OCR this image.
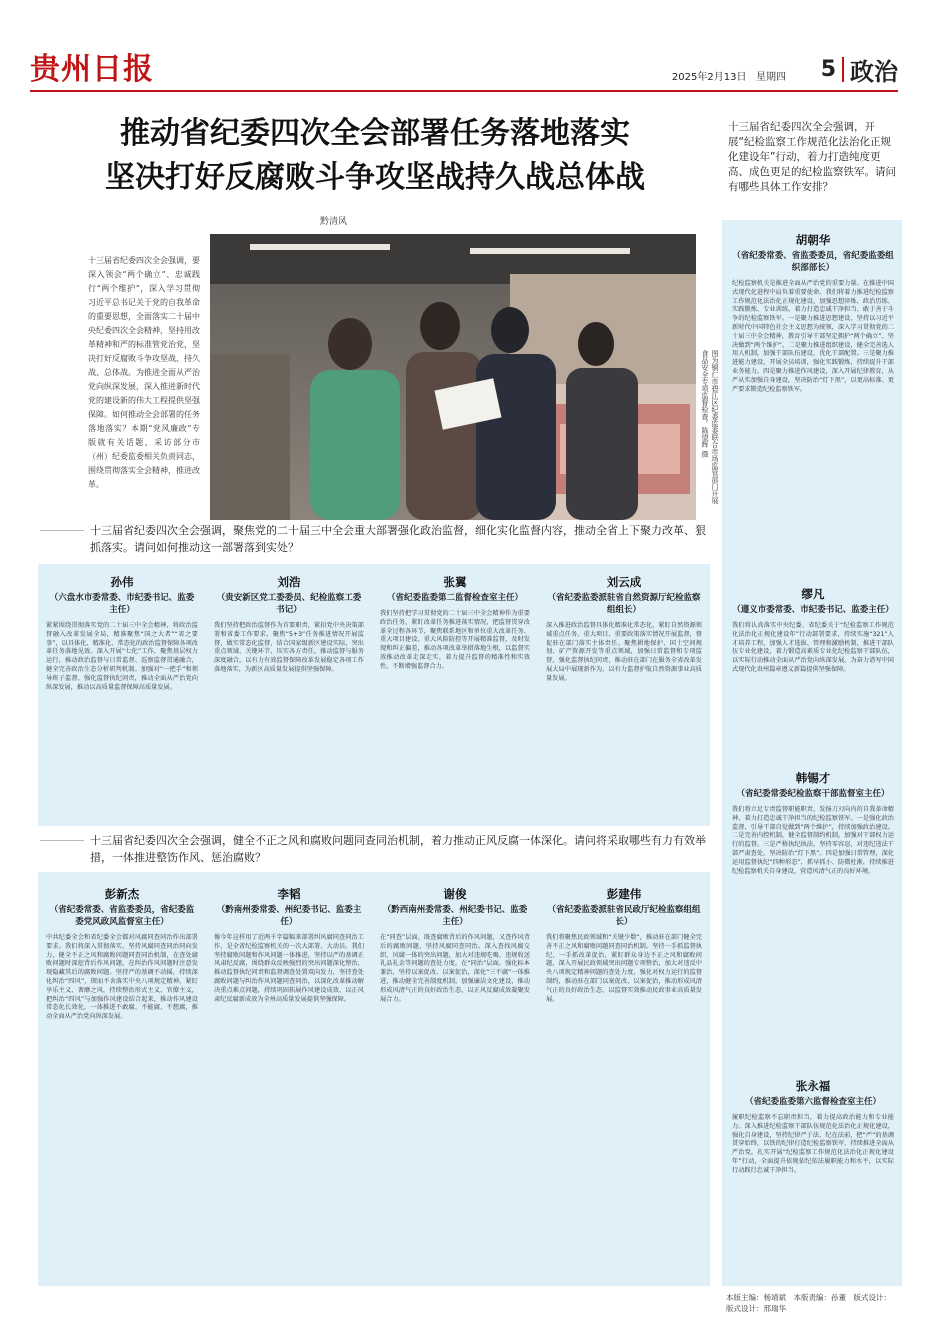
贵州日报	2025年2月13日 星期四 5 政治
推动省纪委四次全会部署任务落地落实
坚决打好反腐败斗争攻坚战持久战总体战
黔清风
十三届省纪委四次全会强调，开展“纪检监察工作规范化法治化正规化建设年”行动，着力打造纯度更高、成色更足的纪检监察铁军。请问有哪些具体工作安排？
十三届省纪委四次全会强调，要深入领会“两个确立”、忠诚践行“两个维护”，深入学习贯彻习近平总书记关于党的自我革命的重要思想，全面落实二十届中央纪委四次全会精神，坚持用改革精神和严的标准管党治党，坚决打好反腐败斗争攻坚战、持久战、总体战。为推进全面从严治党向纵深发展，深入推进新时代党的建设新的伟大工程提供坚强保障。如何推动全会部署的任务落地落实？本期“党风廉政”专版就有关话题，采访部分市（州）纪委监委相关负责同志，围绕贯彻落实全会精神，推进改革。	图为铜仁市碧江区纪委监委联合市场监管部门开展食品安全专项监督检查。陈望辉 摄
十三届省纪委四次全会强调，聚焦党的二十届三中全会重大部署强化政治监督，细化实化监督内容，推动全省上下聚力改革、狠抓落实。请问如何推动这一部署落到实处？
孙伟
（六盘水市委常委、市纪委书记、监委主任）
紧紧围绕贯彻落实党的二十届三中全会精神，将政治监督融入改革发展全局，精准聚焦“国之大者”“省之要事”，以具体化、精准化、常态化的政治监督保障各项改革任务落地见效。深入开展“七化”工作，聚焦基层权力运行，推动政治监督与日常监督、巡察监督贯通融合，健全完善政治生态分析研判机制。加强对“一把手”和领导班子监督，强化监督执纪问责，推动全面从严治党向纵深发展，推动以高质量监督保障高质量发展。
刘浩
（贵安新区党工委委员、纪检监察工委书记）
我们坚持把政治监督作为首要职责，紧扣党中央决策部署和省委工作要求，聚焦“5+3”任务推进情况开展监督，做实常态化监督，结合国家级新区建设实际，突出重点领域、关键环节，压实各方责任，推动监督与服务深度融合，以有力有效监督保障改革发展稳定各项工作落地落实，为新区高质量发展提供坚强保障。
张翼
（省纪委监委第二监督检查室主任）
我们坚持把学习贯彻党的二十届三中全会精神作为重要政治任务，紧盯改革任务推进落实情况，把监督贯穿改革全过程各环节，聚焦联系地区和单位重大改革任务、重大项目建设、重大风险防控等开展精准监督，及时发现和纠正偏差，推动各项改革举措落地生根，以监督实效推动改革走深走实，着力提升监督的精准性和实效性，不断增强监督合力。
刘云成
（省纪委监委派驻省自然资源厅纪检监察组组长）
深入推进政治监督具体化精准化常态化，紧盯自然资源领域重点任务、重大项目、重要政策落实情况开展监督，督促驻在部门落实主体责任。聚焦耕地保护、国土空间规划、矿产资源开发等重点领域，加强日常监督和专项监督，强化监督执纪问责，推动驻在部门在服务全省改革发展大局中展现新作为，以有力监督护航自然资源事业高质量发展。
十三届省纪委四次全会强调，健全不正之风和腐败问题同查同治机制，着力推动正风反腐一体深化。请问将采取哪些有力有效举措，一体推进整饬作风、惩治腐败？
彭新杰
（省纪委常委、省监委委员，省纪委监委党风政风监督室主任）
中共纪委全会和省纪委全会都对风腐同查同治作出部署要求。我们将深入贯彻落实，坚持风腐同查同治同向发力，健全不正之风和腐败问题同查同治机制，在查处腐败问题时深挖背后作风问题，在纠治作风问题时注意发现隐藏其后的腐败问题。坚持严的基调不动摇，持续深化纠治“四风”，锲而不舍落实中央八项规定精神，紧盯享乐主义、奢靡之风，持续整治形式主义、官僚主义，把纠治“四风”与加强作风建设结合起来，推动作风建设常态化长效化，一体推进不敢腐、不能腐、不想腐，推动全面从严治党向纵深发展。
李韬
（黔南州委常委、州纪委书记、监委主任）
像今年这样用了近两千字篇幅来部署纠风腐同查同治工作，是全省纪检监察机关的一次大部署、大动员。我们坚持腐败问题和作风问题一体推进，坚持以严的基调正风肃纪反腐，围绕群众反映强烈的突出问题深化整治，推动监督执纪问责和监督调查处置双向发力，坚持查处腐败问题与纠治作风问题同查同治，以深化改革推动解决重点难点问题，持续巩固拓展作风建设成效，以正风肃纪反腐新成效为全州高质量发展提供坚强保障。
谢俊
（黔西南州委常委、州纪委书记、监委主任）
在“同查”层面，既查腐败背后的作风问题，又查作风背后的腐败问题，坚持风腐同查同治。深入查找风腐交织、风腐一体的突出问题，加大对违规吃喝、违规收送礼品礼金等问题的查处力度。在“同治”层面，强化标本兼治，坚持以案促改、以案促治，深化“三不腐”一体推进，推动健全完善制度机制，加强廉洁文化建设，推动形成风清气正的良好政治生态，以正风反腐成效凝聚发展合力。
彭建伟
（省纪委监委派驻省民政厅纪检监察组组长）
我们将聚焦民政领域和“关键少数”，推动驻在部门健全完善不正之风和腐败问题同查同治机制。坚持一手抓监督执纪、一手抓改革促治，紧盯群众身边不正之风和腐败问题，深入开展民政领域突出问题专项整治，加大对违反中央八项规定精神问题的查处力度，强化对权力运行的监督制约，推动驻在部门以案促改、以案促治，推动形成风清气正的良好政治生态，以监督实效推动民政事业高质量发展。
胡朝华
（省纪委常委、省监委委员，省纪委监委组织部部长）
纪检监察机关是推进全面从严治党的重要力量。在推进中国式现代化进程中肩负着重要使命。我们将着力推进纪检监察工作规范化法治化正规化建设，加强思想淬炼、政治历练、实践锻炼、专业训练，着力打造忠诚干净担当、敢于善于斗争的纪检监察铁军。一是聚力推进思想建设，坚持以习近平新时代中国特色社会主义思想为统领，深入学习贯彻党的二十届三中全会精神，教育引导干部坚定拥护“两个确立”、坚决做到“两个维护”。二是聚力推进组织建设，健全完善选人用人机制，加强干部队伍建设，优化干部配置。三是聚力推进能力建设，开展全员培训，强化实践锻炼，持续提升干部业务能力。四是聚力推进作风建设，深入开展纪律教育，从严从实加强自身建设，坚决防治“灯下黑”，以更高标准、更严要求锻造纪检监察铁军。
缪凡
（遵义市委常委、市纪委书记、监委主任）
我们将认真落实中央纪委、省纪委关于“纪检监察工作规范化法治化正规化建设年”行动部署要求，持续实施“321”人才培养工程，加强人才选拔、管理和激励机制，推进干部队伍专业化建设，着力锻造高素质专业化纪检监察干部队伍，以实际行动推动全面从严治党向纵深发展，为奋力谱写中国式现代化贵州篇章遵义新篇提供坚强保障。
韩锡才
（省纪委常委纪检监察干部监督室主任）
我们将立足专责监督职能职责，发扬刀刃向内的自我革命精神，着力打造忠诚干净担当的纪检监察铁军。一是强化政治监督，引导干部自觉做到“两个维护”，持续加强政治建设。二是完善内控机制，健全监督制约机制，加强对干部权力运行的监督。三是严格执纪执法，坚持零容忍，对违纪违法干部严肃查处，坚决防治“灯下黑”。四是加强日常管理，深化运用监督执纪“四种形态”，抓早抓小、防微杜渐，持续推进纪检监察机关自身建设，营造风清气正的良好环境。
张永福
（省纪委监委第六监督检查室主任）
履职纪检监察不忘职责担当，着力提高政治能力和专业能力。深入推进纪检监察干部队伍规范化法治化正规化建设，强化自身建设，坚持纪律严于法、纪在法前，把“严”的基调贯穿始终，以铁的纪律打造纪检监察铁军，持续推进全面从严治党，扎实开展“纪检监察工作规范化法治化正规化建设年”行动，全面提升依规依纪依法履职能力和水平，以实际行动践行忠诚干净担当。
本版主编：杨靖斌　本版责编：孙董　版式设计：
版式设计：邢瑞华
